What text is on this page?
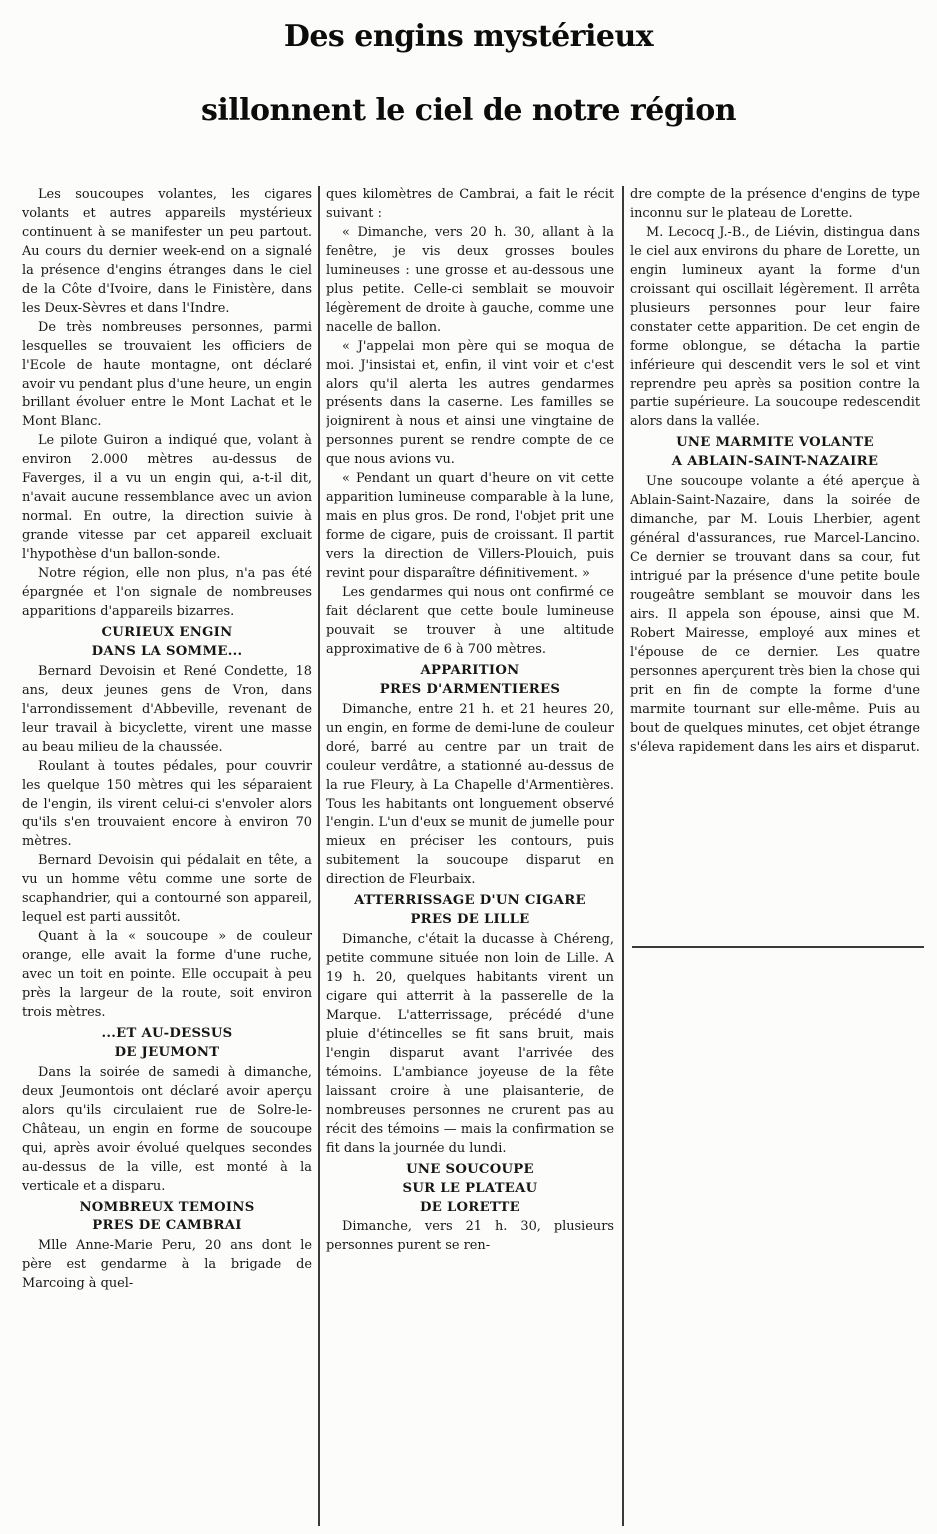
Des engins mystérieux
sillonnent le ciel de notre région

Les soucoupes volantes, les cigares volants et autres appareils mystérieux continuent à se manifester un peu partout. Au cours du dernier week-end on a signalé la présence d'engins étranges dans le ciel de la Côte d'Ivoire, dans le Finistère, dans les Deux-Sèvres et dans l'Indre.

De très nombreuses personnes, parmi lesquelles se trouvaient les officiers de l'Ecole de haute montagne, ont déclaré avoir vu pendant plus d'une heure, un engin brillant évoluer entre le Mont Lachat et le Mont Blanc.

Le pilote Guiron a indiqué que, volant à environ 2.000 mètres au-dessus de Faverges, il a vu un engin qui, a-t-il dit, n'avait aucune ressemblance avec un avion normal. En outre, la direction suivie à grande vitesse par cet appareil excluait l'hypothèse d'un ballon-sonde.

Notre région, elle non plus, n'a pas été épargnée et l'on signale de nombreuses apparitions d'appareils bizarres.

CURIEUX ENGIN
DANS LA SOMME...

Bernard Devoisin et René Condette, 18 ans, deux jeunes gens de Vron, dans l'arrondissement d'Abbeville, revenant de leur travail à bicyclette, virent une masse au beau milieu de la chaussée.

Roulant à toutes pédales, pour couvrir les quelque 150 mètres qui les séparaient de l'engin, ils virent celui-ci s'envoler alors qu'ils s'en trouvaient encore à environ 70 mètres.

Bernard Devoisin qui pédalait en tête, a vu un homme vêtu comme une sorte de scaphandrier, qui a contourné son appareil, lequel est parti aussitôt.

Quant à la « soucoupe » de couleur orange, elle avait la forme d'une ruche, avec un toit en pointe. Elle occupait à peu près la largeur de la route, soit environ trois mètres.

...ET AU-DESSUS
DE JEUMONT

Dans la soirée de samedi à dimanche, deux Jeumontois ont déclaré avoir aperçu alors qu'ils circulaient rue de Solre-le-Château, un engin en forme de soucoupe qui, après avoir évolué quelques secondes au-dessus de la ville, est monté à la verticale et a disparu.

NOMBREUX TEMOINS
PRES DE CAMBRAI

Mlle Anne-Marie Peru, 20 ans dont le père est gendarme à la brigade de Marcoing à quel-

ques kilomètres de Cambrai, a fait le récit suivant :

« Dimanche, vers 20 h. 30, allant à la fenêtre, je vis deux grosses boules lumineuses : une grosse et au-dessous une plus petite. Celle-ci semblait se mouvoir légèrement de droite à gauche, comme une nacelle de ballon.

« J'appelai mon père qui se moqua de moi. J'insistai et, enfin, il vint voir et c'est alors qu'il alerta les autres gendarmes présents dans la caserne. Les familles se joignirent à nous et ainsi une vingtaine de personnes purent se rendre compte de ce que nous avions vu.

« Pendant un quart d'heure on vit cette apparition lumineuse comparable à la lune, mais en plus gros. De rond, l'objet prit une forme de cigare, puis de croissant. Il partit vers la direction de Villers-Plouich, puis revint pour disparaître définitivement. »

Les gendarmes qui nous ont confirmé ce fait déclarent que cette boule lumineuse pouvait se trouver à une altitude approximative de 6 à 700 mètres.

APPARITION
PRES D'ARMENTIERES

Dimanche, entre 21 h. et 21 heures 20, un engin, en forme de demi-lune de couleur doré, barré au centre par un trait de couleur verdâtre, a stationné au-dessus de la rue Fleury, à La Chapelle d'Armentières. Tous les habitants ont longuement observé l'engin. L'un d'eux se munit de jumelle pour mieux en préciser les contours, puis subitement la soucoupe disparut en direction de Fleurbaix.

ATTERRISSAGE D'UN CIGARE
PRES DE LILLE

Dimanche, c'était la ducasse à Chéreng, petite commune située non loin de Lille. A 19 h. 20, quelques habitants virent un cigare qui atterrit à la passerelle de la Marque. L'atterrissage, précédé d'une pluie d'étincelles se fit sans bruit, mais l'engin disparut avant l'arrivée des témoins. L'ambiance joyeuse de la fête laissant croire à une plaisanterie, de nombreuses personnes ne crurent pas au récit des témoins — mais la confirmation se fit dans la journée du lundi.

UNE SOUCOUPE
SUR LE PLATEAU
DE LORETTE

Dimanche, vers 21 h. 30, plusieurs personnes purent se ren-

dre compte de la présence d'engins de type inconnu sur le plateau de Lorette.

M. Lecocq J.-B., de Liévin, distingua dans le ciel aux environs du phare de Lorette, un engin lumineux ayant la forme d'un croissant qui oscillait légèrement. Il arrêta plusieurs personnes pour leur faire constater cette apparition. De cet engin de forme oblongue, se détacha la partie inférieure qui descendit vers le sol et vint reprendre peu après sa position contre la partie supérieure. La soucoupe redescendit alors dans la vallée.

UNE MARMITE VOLANTE
A ABLAIN-SAINT-NAZAIRE

Une soucoupe volante a été aperçue à Ablain-Saint-Nazaire, dans la soirée de dimanche, par M. Louis Lherbier, agent général d'assurances, rue Marcel-Lancino. Ce dernier se trouvant dans sa cour, fut intrigué par la présence d'une petite boule rougeâtre semblant se mouvoir dans les airs. Il appela son épouse, ainsi que M. Robert Mairesse, employé aux mines et l'épouse de ce dernier. Les quatre personnes aperçurent très bien la chose qui prit en fin de compte la forme d'une marmite tournant sur elle-même. Puis au bout de quelques minutes, cet objet étrange s'éleva rapidement dans les airs et disparut.
